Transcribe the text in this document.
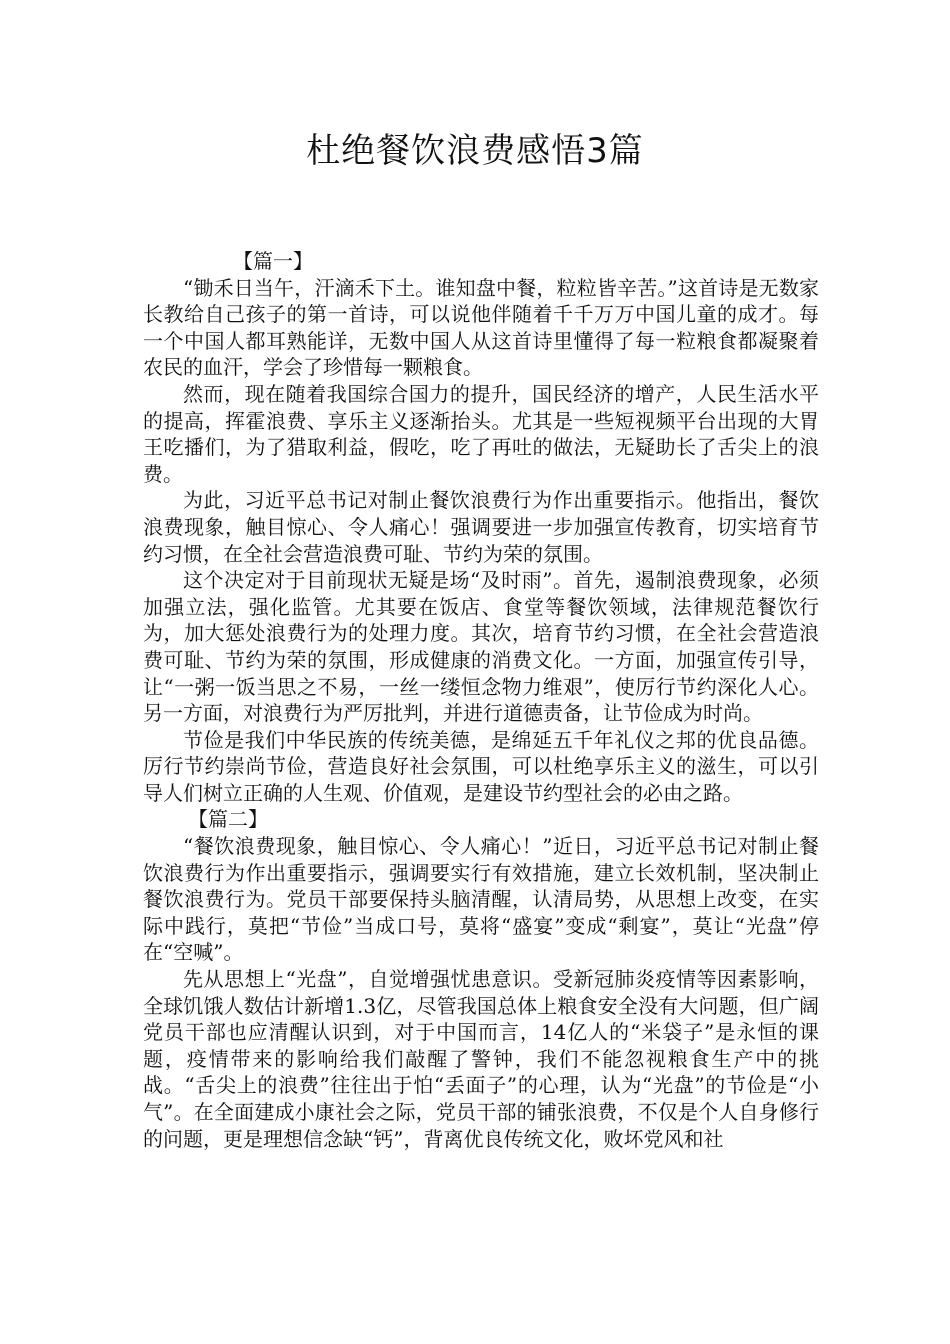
杜绝餐饮浪费感悟3篇

【篇一】

“锄禾日当午，汗滴禾下土。谁知盘中餐，粒粒皆辛苦。”这首诗是无数家长教给自己孩子的第一首诗，可以说他伴随着千千万万中国儿童的成才。每一个中国人都耳熟能详，无数中国人从这首诗里懂得了每一粒粮食都凝聚着农民的血汗，学会了珍惜每一颗粮食。

然而，现在随着我国综合国力的提升，国民经济的增产，人民生活水平的提高，挥霍浪费、享乐主义逐渐抬头。尤其是一些短视频平台出现的大胃王吃播们，为了猎取利益，假吃，吃了再吐的做法，无疑助长了舌尖上的浪费。

为此，习近平总书记对制止餐饮浪费行为作出重要指示。他指出，餐饮浪费现象，触目惊心、令人痛心！强调要进一步加强宣传教育，切实培育节约习惯，在全社会营造浪费可耻、节约为荣的氛围。

这个决定对于目前现状无疑是场“及时雨”。首先，遏制浪费现象，必须加强立法，强化监管。尤其要在饭店、食堂等餐饮领域，法律规范餐饮行为，加大惩处浪费行为的处理力度。其次，培育节约习惯，在全社会营造浪费可耻、节约为荣的氛围，形成健康的消费文化。一方面，加强宣传引导，让“一粥一饭当思之不易，一丝一缕恒念物力维艰”，使厉行节约深化人心。另一方面，对浪费行为严厉批判，并进行道德责备，让节俭成为时尚。

节俭是我们中华民族的传统美德，是绵延五千年礼仪之邦的优良品德。厉行节约崇尚节俭，营造良好社会氛围，可以杜绝享乐主义的滋生，可以引导人们树立正确的人生观、价值观，是建设节约型社会的必由之路。

【篇二】

“餐饮浪费现象，触目惊心、令人痛心！”近日，习近平总书记对制止餐饮浪费行为作出重要指示，强调要实行有效措施，建立长效机制，坚决制止餐饮浪费行为。党员干部要保持头脑清醒，认清局势，从思想上改变，在实际中践行，莫把“节俭”当成口号，莫将“盛宴”变成“剩宴”，莫让“光盘”停在“空喊”。

先从思想上“光盘”，自觉增强忧患意识。受新冠肺炎疫情等因素影响，全球饥饿人数估计新增1.3亿，尽管我国总体上粮食安全没有大问题，但广阔党员干部也应清醒认识到，对于中国而言，14亿人的“米袋子”是永恒的课题，疫情带来的影响给我们敲醒了警钟，我们不能忽视粮食生产中的挑战。“舌尖上的浪费”往往出于怕“丢面子”的心理，认为“光盘”的节俭是“小气”。在全面建成小康社会之际，党员干部的铺张浪费，不仅是个人自身修行的问题，更是理想信念缺“钙”，背离优良传统文化，败坏党风和社
